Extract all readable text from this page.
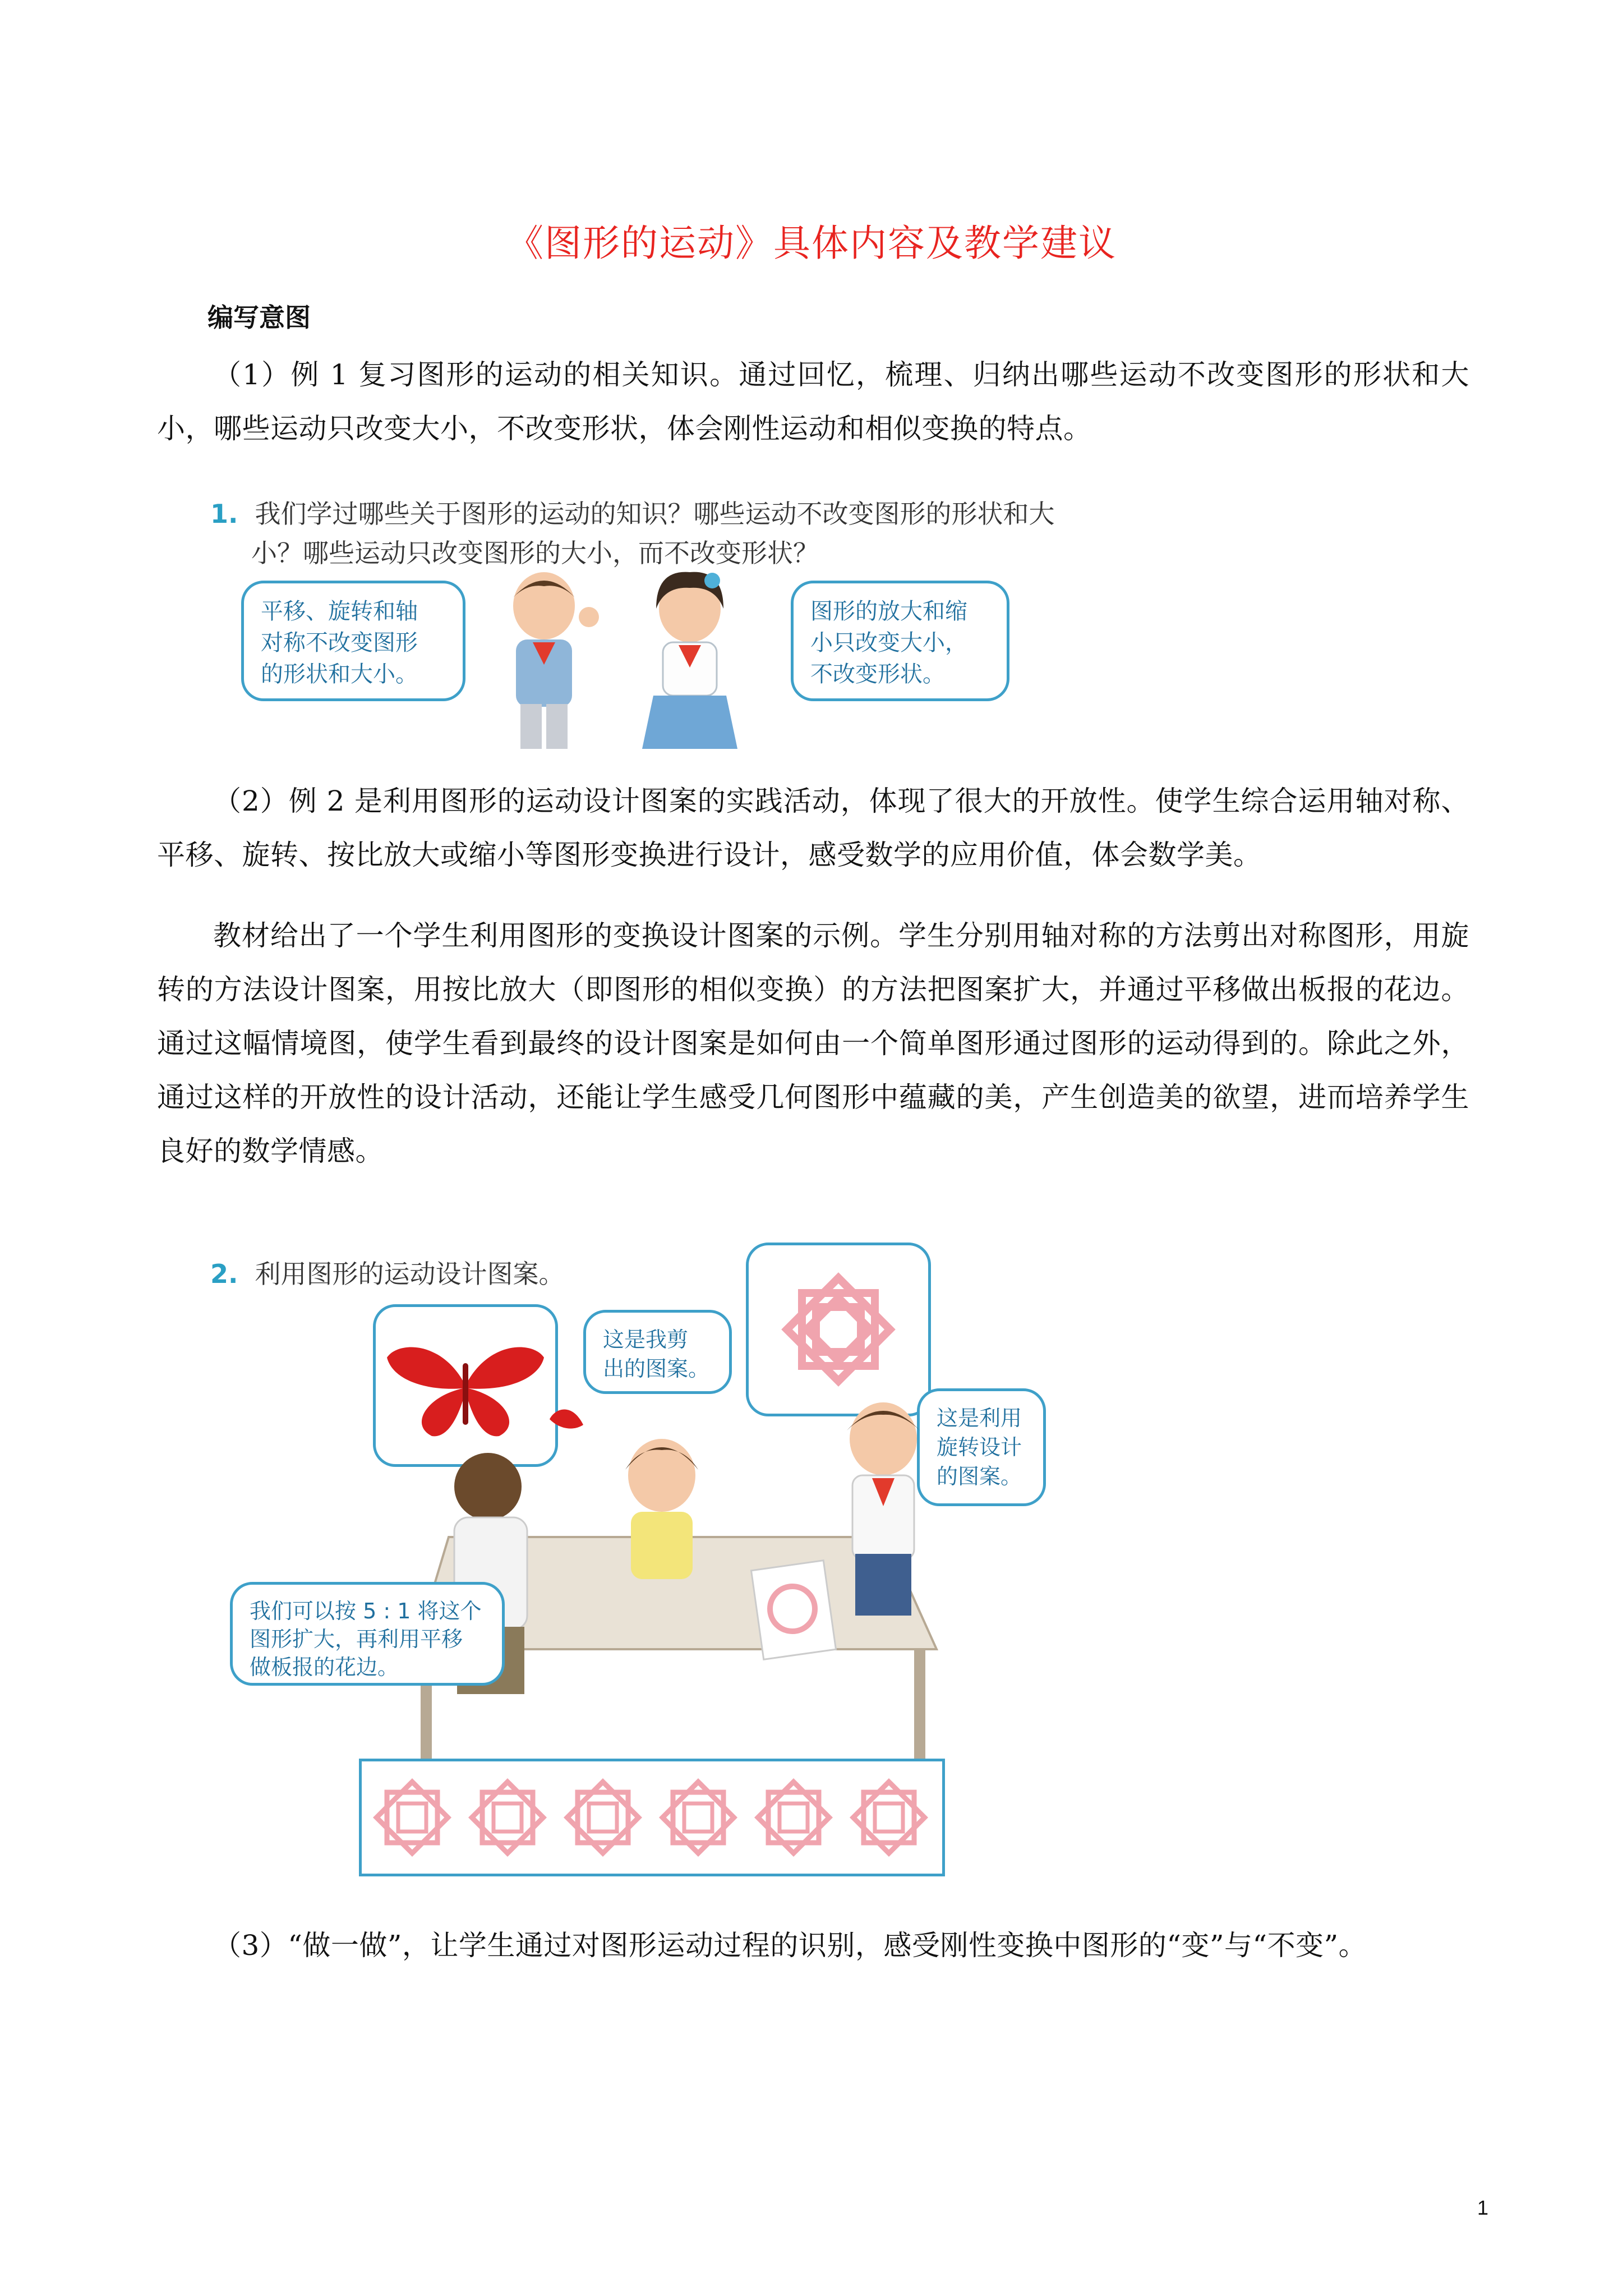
《图形的运动》具体内容及教学建议
编写意图
（1）例 1 复习图形的运动的相关知识。通过回忆，梳理、归纳出哪些运动不改变图形的形状和大小，哪些运动只改变大小，不改变形状，体会刚性运动和相似变换的特点。
1. 我们学过哪些关于图形的运动的知识？哪些运动不改变图形的形状和大
小？哪些运动只改变图形的大小，而不改变形状？
平移、旋转和轴
对称不改变图形
的形状和大小。
图形的放大和缩
小只改变大小，
不改变形状。
（2）例 2 是利用图形的运动设计图案的实践活动，体现了很大的开放性。使学生综合运用轴对称、平移、旋转、按比放大或缩小等图形变换进行设计，感受数学的应用价值，体会数学美。
教材给出了一个学生利用图形的变换设计图案的示例。学生分别用轴对称的方法剪出对称图形，用旋转的方法设计图案，用按比放大（即图形的相似变换）的方法把图案扩大，并通过平移做出板报的花边。通过这幅情境图，使学生看到最终的设计图案是如何由一个简单图形通过图形的运动得到的。除此之外，通过这样的开放性的设计活动，还能让学生感受几何图形中蕴藏的美，产生创造美的欲望，进而培养学生良好的数学情感。
2. 利用图形的运动设计图案。
这是我剪
出的图案。
这是利用
旋转设计
的图案。
我们可以按 5 : 1 将这个
图形扩大，再利用平移
做板报的花边。
（3）“做一做”，让学生通过对图形运动过程的识别，感受刚性变换中图形的“变”与“不变”。
1
